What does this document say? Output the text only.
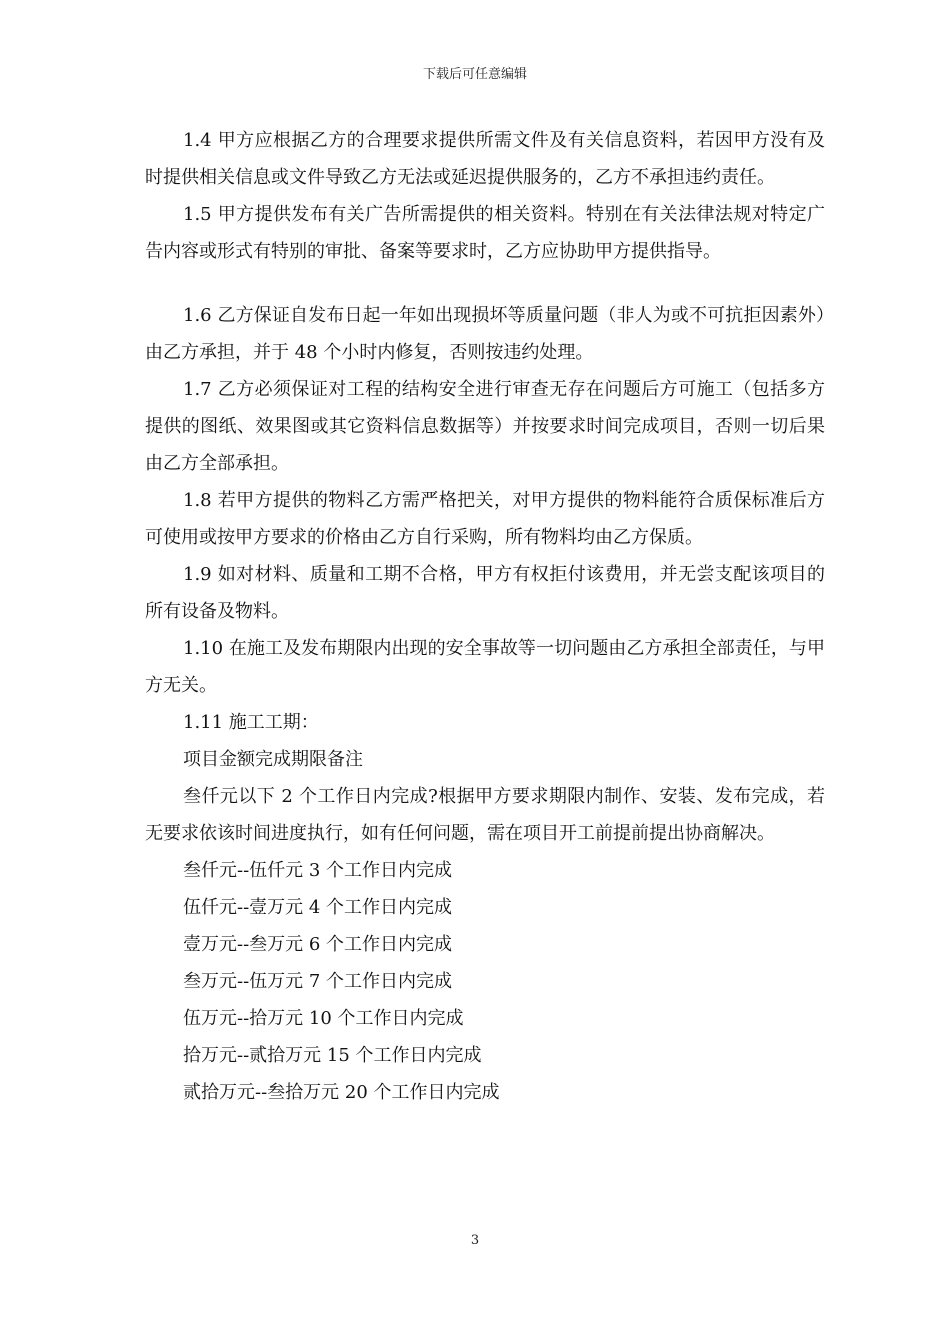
下载后可任意编辑

1.4 甲方应根据乙方的合理要求提供所需文件及有关信息资料，若因甲方没有及时提供相关信息或文件导致乙方无法或延迟提供服务的，乙方不承担违约责任。

1.5 甲方提供发布有关广告所需提供的相关资料。特别在有关法律法规对特定广告内容或形式有特别的审批、备案等要求时，乙方应协助甲方提供指导。

1.6 乙方保证自发布日起一年如出现损坏等质量问题（非人为或不可抗拒因素外）由乙方承担，并于 48 个小时内修复，否则按违约处理。

1.7 乙方必须保证对工程的结构安全进行审查无存在问题后方可施工（包括多方提供的图纸、效果图或其它资料信息数据等）并按要求时间完成项目，否则一切后果由乙方全部承担。

1.8 若甲方提供的物料乙方需严格把关，对甲方提供的物料能符合质保标准后方可使用或按甲方要求的价格由乙方自行采购，所有物料均由乙方保质。

1.9 如对材料、质量和工期不合格，甲方有权拒付该费用，并无尝支配该项目的所有设备及物料。

1.10 在施工及发布期限内出现的安全事故等一切问题由乙方承担全部责任，与甲方无关。

1.11 施工工期：

项目金额完成期限备注

叁仟元以下 2 个工作日内完成?根据甲方要求期限内制作、安装、发布完成，若无要求依该时间进度执行，如有任何问题，需在项目开工前提前提出协商解决。

叁仟元--伍仟元 3 个工作日内完成

伍仟元--壹万元 4 个工作日内完成

壹万元--叁万元 6 个工作日内完成

叁万元--伍万元 7 个工作日内完成

伍万元--拾万元 10 个工作日内完成

拾万元--贰拾万元 15 个工作日内完成

贰拾万元--叁拾万元 20 个工作日内完成

3
